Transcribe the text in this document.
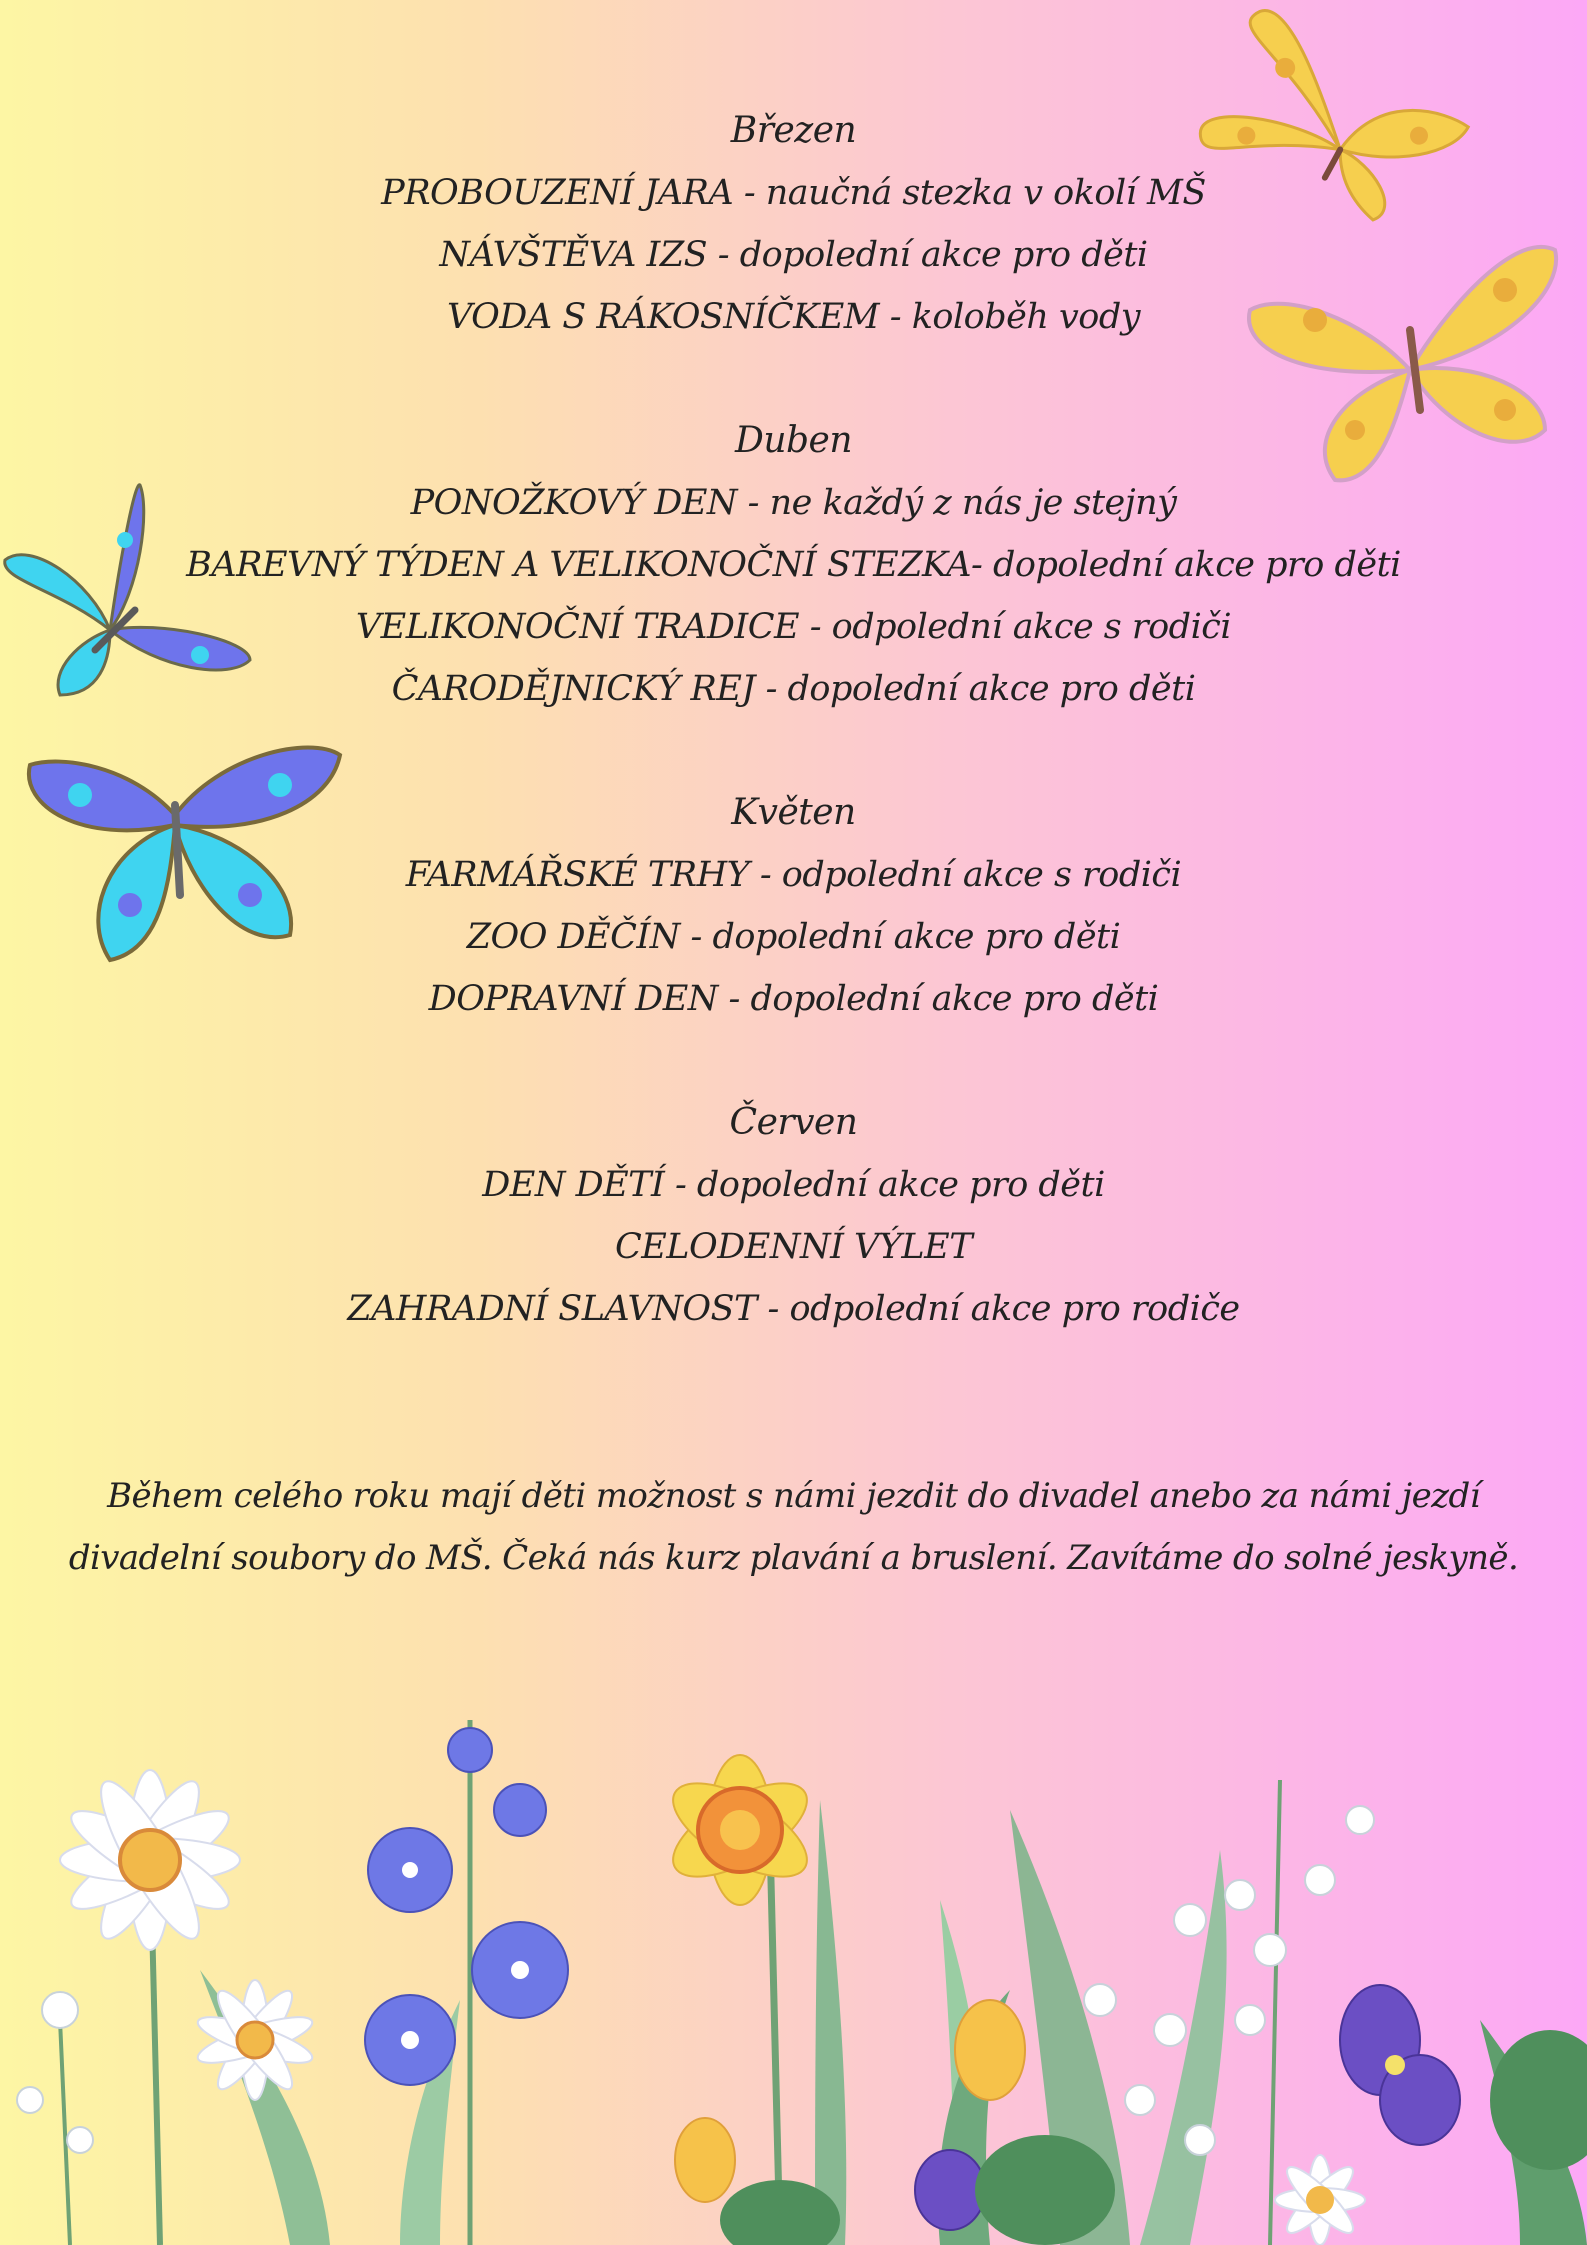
Březen
PROBOUZENÍ JARA - naučná stezka v okolí MŠ
NÁVŠTĚVA IZS - dopolední akce pro děti
VODA S RÁKOSNÍČKEM - koloběh vody
Duben
PONOŽKOVÝ DEN - ne každý z nás je stejný
BAREVNÝ TÝDEN A VELIKONOČNÍ STEZKA- dopolední akce pro děti
VELIKONOČNÍ TRADICE - odpolední akce s rodiči
ČARODĚJNICKÝ REJ - dopolední akce pro děti
Květen
FARMÁŘSKÉ TRHY - odpolední akce s rodiči
ZOO DĚČÍN - dopolední akce pro děti
DOPRAVNÍ DEN - dopolední akce pro děti
Červen
DEN DĚTÍ - dopolední akce pro děti
CELODENNÍ VÝLET
ZAHRADNÍ SLAVNOST - odpolední akce pro rodiče
Během celého roku mají děti možnost s námi jezdit do divadel anebo za námi jezdí
divadelní soubory do MŠ. Čeká nás kurz plavání a bruslení. Zavítáme do solné jeskyně.
